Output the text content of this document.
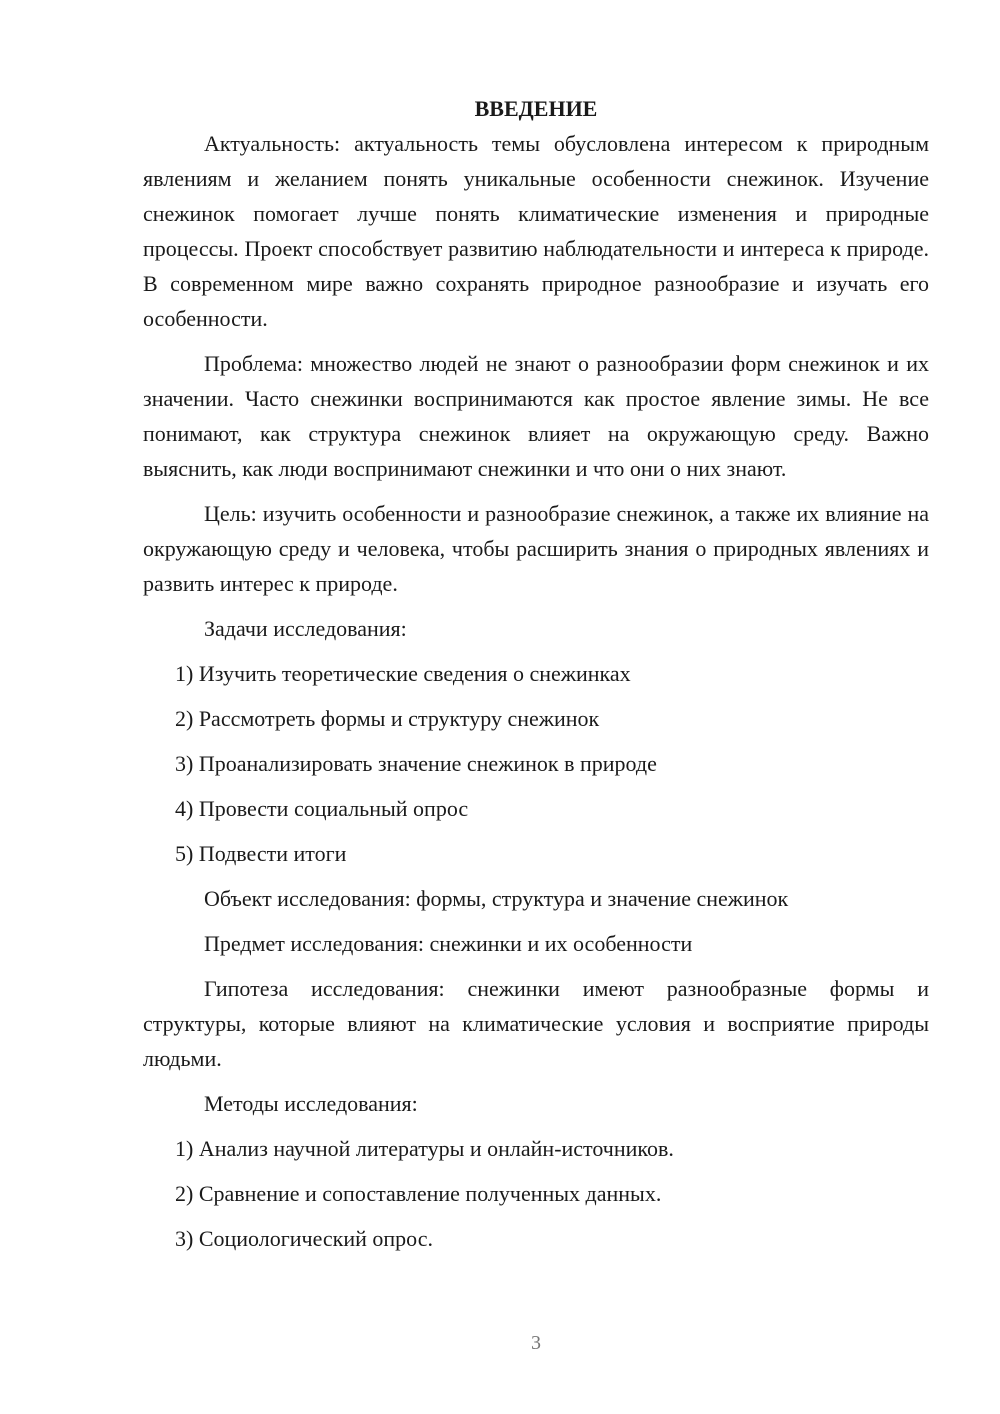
ВВЕДЕНИЕ

Актуальность: актуальность темы обусловлена интересом к природным явлениям и желанием понять уникальные особенности снежинок. Изучение снежинок помогает лучше понять климатические изменения и природные процессы. Проект способствует развитию наблюдательности и интереса к природе. В современном мире важно сохранять природное разнообразие и изучать его особенности.

Проблема: множество людей не знают о разнообразии форм снежинок и их значении. Часто снежинки воспринимаются как простое явление зимы. Не все понимают, как структура снежинок влияет на окружающую среду. Важно выяснить, как люди воспринимают снежинки и что они о них знают.

Цель: изучить особенности и разнообразие снежинок, а также их влияние на окружающую среду и человека, чтобы расширить знания о природных явлениях и развить интерес к природе.

Задачи исследования:
1) Изучить теоретические сведения о снежинках
2) Рассмотреть формы и структуру снежинок
3) Проанализировать значение снежинок в природе
4) Провести социальный опрос
5) Подвести итоги
Объект исследования: формы, структура и значение снежинок
Предмет исследования: снежинки и их особенности

Гипотеза исследования: снежинки имеют разнообразные формы и структуры, которые влияют на климатические условия и восприятие природы людьми.

Методы исследования:
1) Анализ научной литературы и онлайн-источников.
2) Сравнение и сопоставление полученных данных.
3) Социологический опрос.
3
